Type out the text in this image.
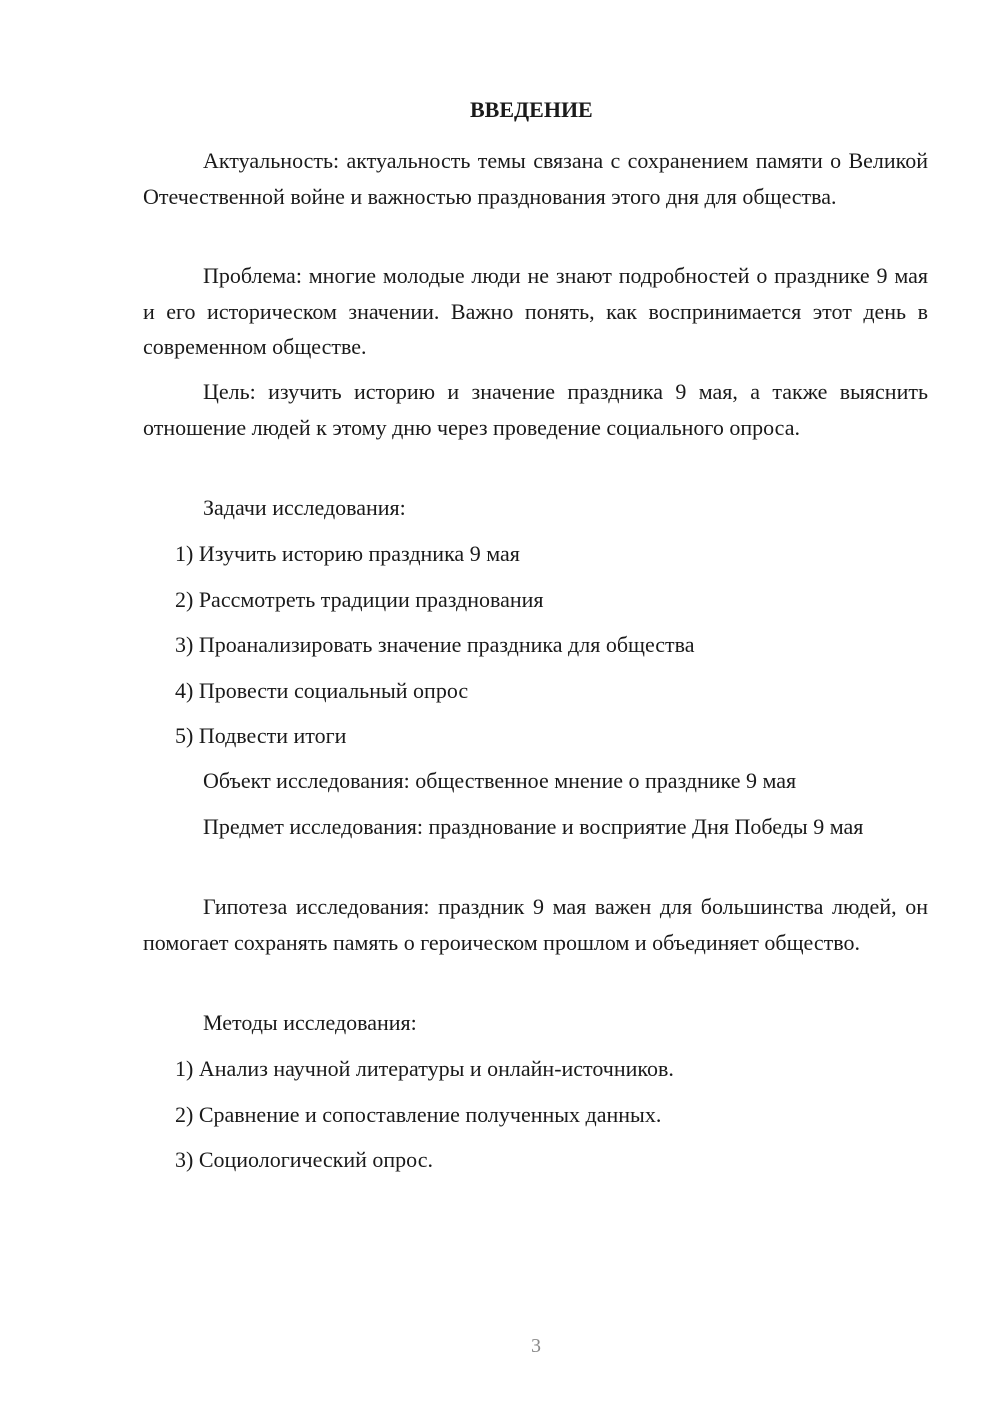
ВВЕДЕНИЕ

Актуальность: актуальность темы связана с сохранением памяти о Великой Отечественной войне и важностью празднования этого дня для общества.

Проблема: многие молодые люди не знают подробностей о празднике 9 мая и его историческом значении. Важно понять, как воспринимается этот день в современном обществе.

Цель: изучить историю и значение праздника 9 мая, а также выяснить отношение людей к этому дню через проведение социального опроса.

Задачи исследования:

1) Изучить историю праздника 9 мая

2) Рассмотреть традиции празднования

3) Проанализировать значение праздника для общества

4) Провести социальный опрос

5) Подвести итоги

Объект исследования: общественное мнение о празднике 9 мая

Предмет исследования: празднование и восприятие Дня Победы 9 мая

Гипотеза исследования: праздник 9 мая важен для большинства людей, он помогает сохранять память о героическом прошлом и объединяет общество.

Методы исследования:

1) Анализ научной литературы и онлайн-источников.

2) Сравнение и сопоставление полученных данных.

3) Социологический опрос.

3
